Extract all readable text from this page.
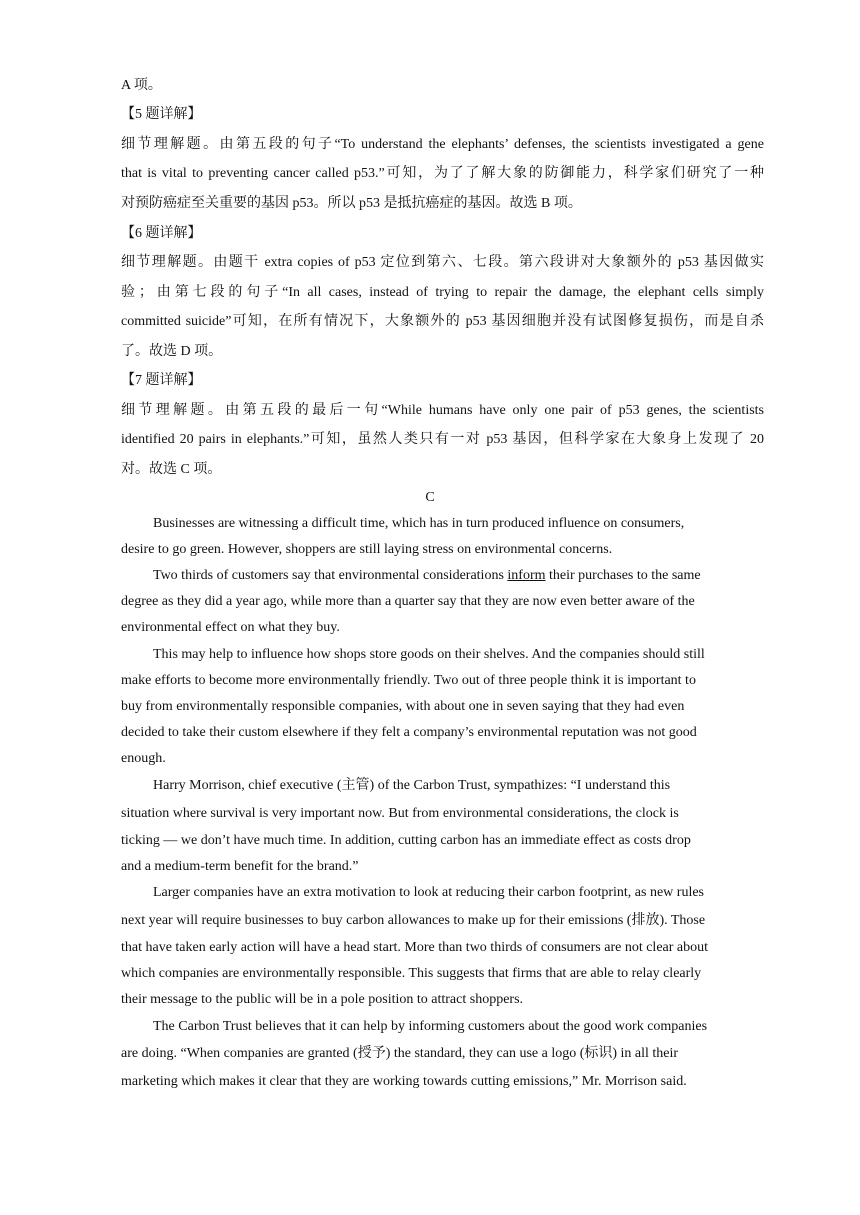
A 项。
【5 题详解】
细节理解题。由第五段的句子“To understand the elephants’ defenses, the scientists investigated a gene
that is vital to preventing cancer called p53.”可知，为了了解大象的防御能力，科学家们研究了一种
对预防癌症至关重要的基因 p53。所以 p53 是抵抗癌症的基因。故选 B 项。
【6 题详解】
细节理解题。由题干 extra copies of p53 定位到第六、七段。第六段讲对大象额外的 p53 基因做实
验；由第七段的句子“In all cases, instead of trying to repair the damage, the elephant cells simply
committed suicide”可知，在所有情况下，大象额外的 p53 基因细胞并没有试图修复损伤，而是自杀
了。故选 D 项。
【7 题详解】
细节理解题。由第五段的最后一句“While humans have only one pair of p53 genes, the scientists
identified 20 pairs in elephants.”可知，虽然人类只有一对 p53 基因，但科学家在大象身上发现了 20
对。故选 C 项。
C
Businesses are witnessing a difficult time, which has in turn produced influence on consumers,
desire to go green. However, shoppers are still laying stress on environmental concerns.
Two thirds of customers say that environmental considerations inform their purchases to the same
degree as they did a year ago, while more than a quarter say that they are now even better aware of the
environmental effect on what they buy.
This may help to influence how shops store goods on their shelves. And the companies should still
make efforts to become more environmentally friendly. Two out of three people think it is important to
buy from environmentally responsible companies, with about one in seven saying that they had even
decided to take their custom elsewhere if they felt a company’s environmental reputation was not good
enough.
Harry Morrison, chief executive (主管) of the Carbon Trust, sympathizes: “I understand this
situation where survival is very important now. But from environmental considerations, the clock is
ticking — we don’t have much time. In addition, cutting carbon has an immediate effect as costs drop
and a medium-term benefit for the brand.”
Larger companies have an extra motivation to look at reducing their carbon footprint, as new rules
next year will require businesses to buy carbon allowances to make up for their emissions (排放). Those
that have taken early action will have a head start. More than two thirds of consumers are not clear about
which companies are environmentally responsible. This suggests that firms that are able to relay clearly
their message to the public will be in a pole position to attract shoppers.
The Carbon Trust believes that it can help by informing customers about the good work companies
are doing. “When companies are granted (授予) the standard, they can use a logo (标识) in all their
marketing which makes it clear that they are working towards cutting emissions,” Mr. Morrison said.
